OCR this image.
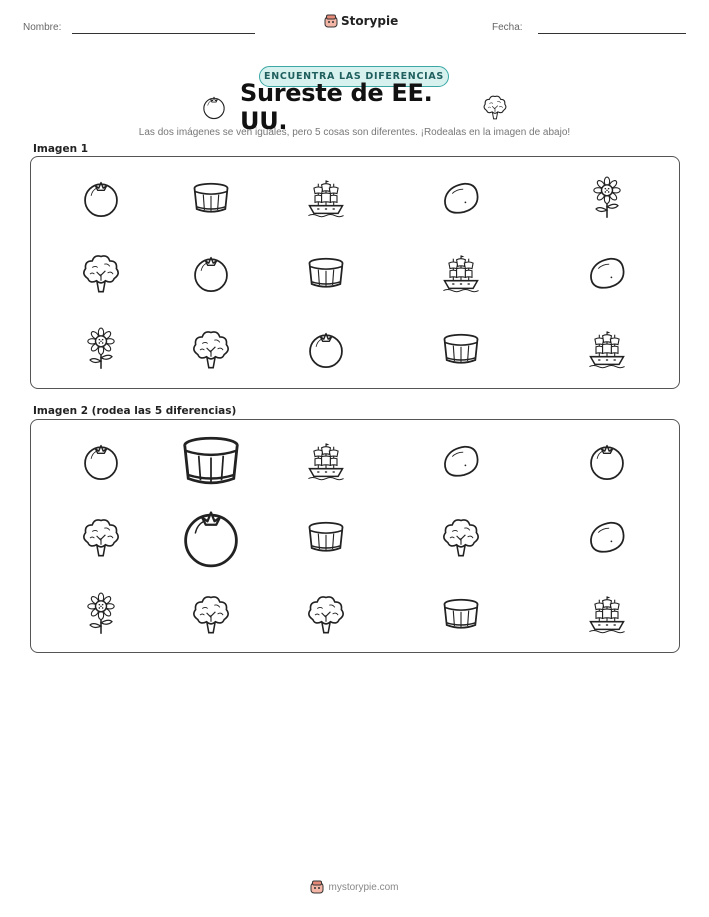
Nombre:	Storypie	Fecha:
ENCUENTRA LAS DIFERENCIAS
Sureste de EE. UU.
Las dos imágenes se ven iguales, pero 5 cosas son diferentes. ¡Rodealas en la imagen de abajo!
Imagen 1
Imagen 2 (rodea las 5 diferencias)
mystorypie.com
